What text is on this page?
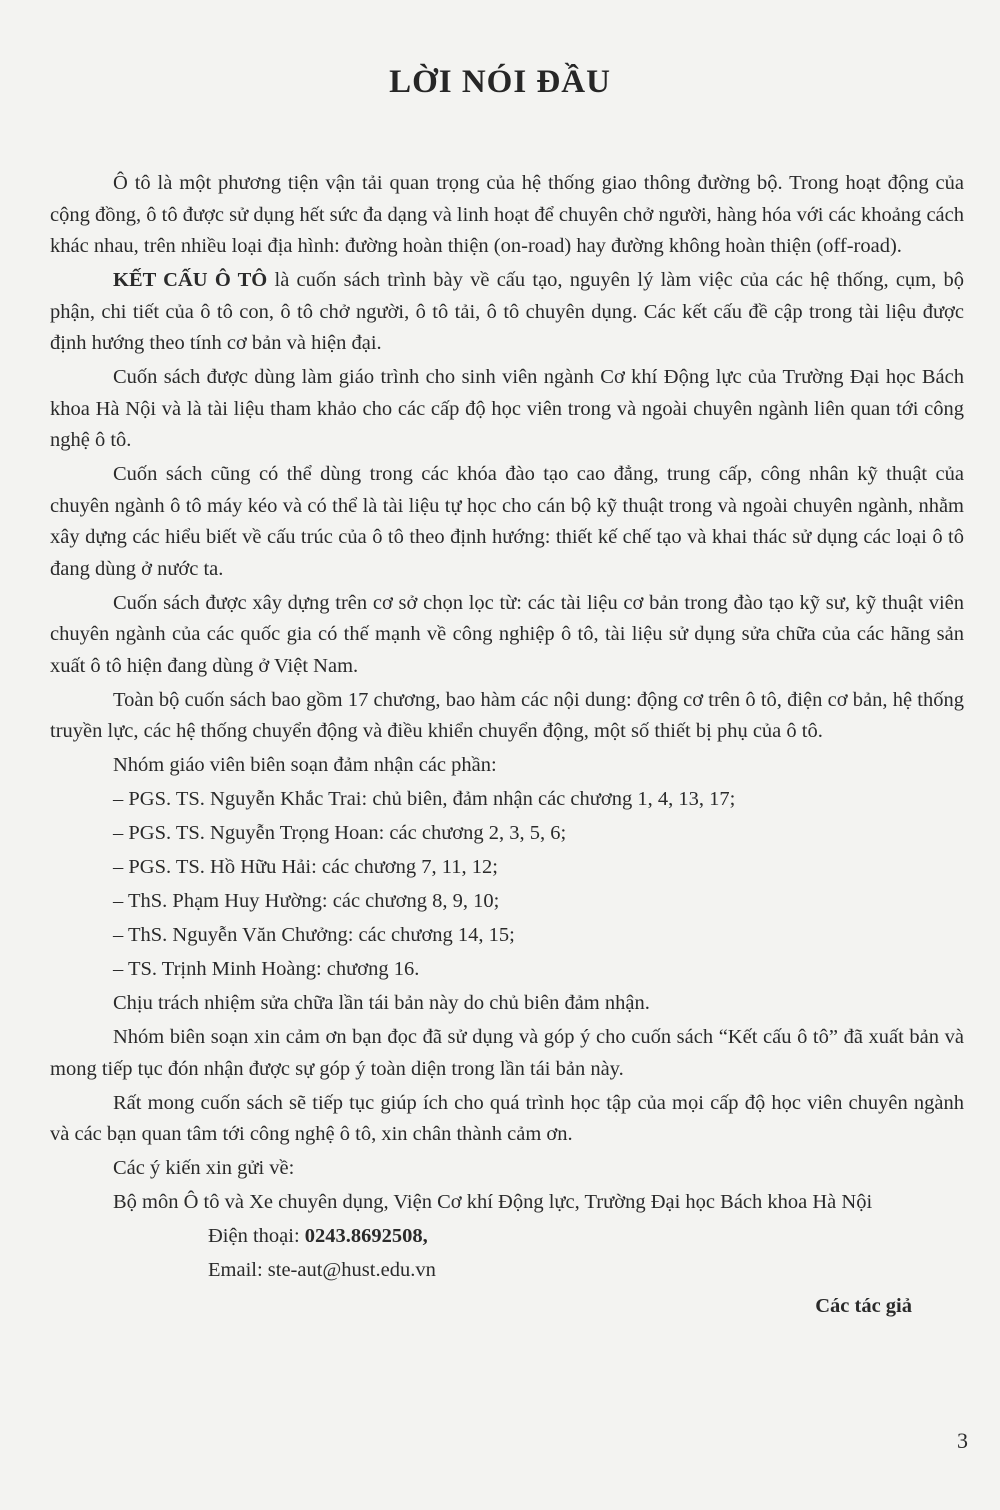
LỜI NÓI ĐẦU

Ô tô là một phương tiện vận tải quan trọng của hệ thống giao thông đường bộ. Trong hoạt động của cộng đồng, ô tô được sử dụng hết sức đa dạng và linh hoạt để chuyên chở người, hàng hóa với các khoảng cách khác nhau, trên nhiều loại địa hình: đường hoàn thiện (on-road) hay đường không hoàn thiện (off-road).

KẾT CẤU Ô TÔ là cuốn sách trình bày về cấu tạo, nguyên lý làm việc của các hệ thống, cụm, bộ phận, chi tiết của ô tô con, ô tô chở người, ô tô tải, ô tô chuyên dụng. Các kết cấu đề cập trong tài liệu được định hướng theo tính cơ bản và hiện đại.

Cuốn sách được dùng làm giáo trình cho sinh viên ngành Cơ khí Động lực của Trường Đại học Bách khoa Hà Nội và là tài liệu tham khảo cho các cấp độ học viên trong và ngoài chuyên ngành liên quan tới công nghệ ô tô.

Cuốn sách cũng có thể dùng trong các khóa đào tạo cao đẳng, trung cấp, công nhân kỹ thuật của chuyên ngành ô tô máy kéo và có thể là tài liệu tự học cho cán bộ kỹ thuật trong và ngoài chuyên ngành, nhằm xây dựng các hiểu biết về cấu trúc của ô tô theo định hướng: thiết kế chế tạo và khai thác sử dụng các loại ô tô đang dùng ở nước ta.

Cuốn sách được xây dựng trên cơ sở chọn lọc từ: các tài liệu cơ bản trong đào tạo kỹ sư, kỹ thuật viên chuyên ngành của các quốc gia có thế mạnh về công nghiệp ô tô, tài liệu sử dụng sửa chữa của các hãng sản xuất ô tô hiện đang dùng ở Việt Nam.

Toàn bộ cuốn sách bao gồm 17 chương, bao hàm các nội dung: động cơ trên ô tô, điện cơ bản, hệ thống truyền lực, các hệ thống chuyển động và điều khiển chuyển động, một số thiết bị phụ của ô tô.

Nhóm giáo viên biên soạn đảm nhận các phần:

– PGS. TS. Nguyễn Khắc Trai: chủ biên, đảm nhận các chương 1, 4, 13, 17;
– PGS. TS. Nguyễn Trọng Hoan: các chương 2, 3, 5, 6;
– PGS. TS. Hồ Hữu Hải: các chương 7, 11, 12;
– ThS. Phạm Huy Hường: các chương 8, 9, 10;
– ThS. Nguyễn Văn Chưởng: các chương 14, 15;
– TS. Trịnh Minh Hoàng: chương 16.

Chịu trách nhiệm sửa chữa lần tái bản này do chủ biên đảm nhận.

Nhóm biên soạn xin cảm ơn bạn đọc đã sử dụng và góp ý cho cuốn sách “Kết cấu ô tô” đã xuất bản và mong tiếp tục đón nhận được sự góp ý toàn diện trong lần tái bản này.

Rất mong cuốn sách sẽ tiếp tục giúp ích cho quá trình học tập của mọi cấp độ học viên chuyên ngành và các bạn quan tâm tới công nghệ ô tô, xin chân thành cảm ơn.

Các ý kiến xin gửi về:

Bộ môn Ô tô và Xe chuyên dụng, Viện Cơ khí Động lực, Trường Đại học Bách khoa Hà Nội

Điện thoại: 0243.8692508,
Email: ste-aut@hust.edu.vn
Các tác giả
3
